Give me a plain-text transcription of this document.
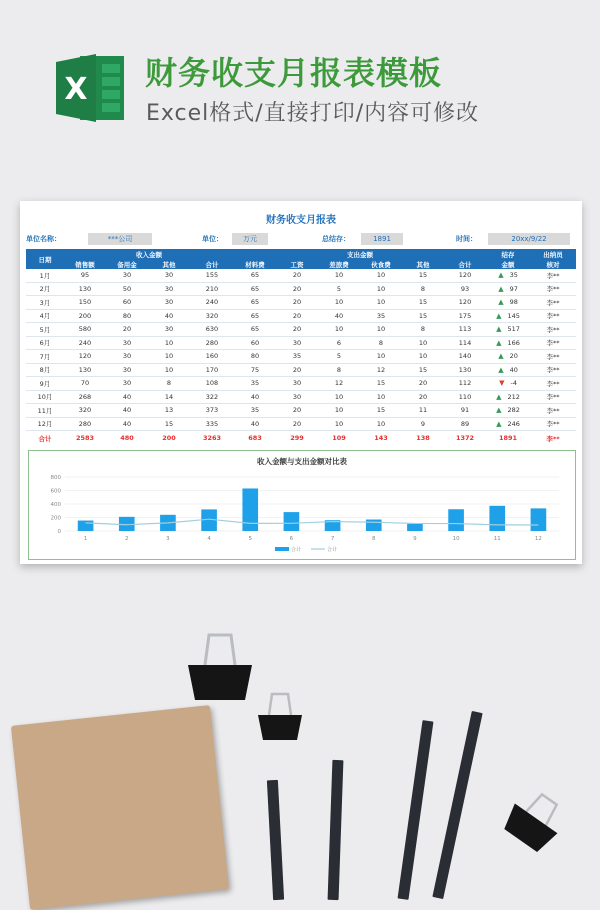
X 财务收支月报表模板
Excel格式/直接打印/内容可修改
财务收支月报表
单位名称：	***公司	单位：	万元	总结存：	1891	时间：	20xx/9/22
日期	收入金额				支出金额						结存	出纳员
	销售额	备用金	其他	合计	材料费	工资	差旅费	伙食费	其他	合计	金额	核对
1月	95	30	30	155	65	20	10	10	15	120	▲ 35	李**
2月	130	50	30	210	65	20	5	10	8	93	▲ 97	李**
3月	150	60	30	240	65	20	10	10	15	120	▲ 98	李**
4月	200	80	40	320	65	20	40	35	15	175	▲ 145	李**
5月	580	20	30	630	65	20	10	10	8	113	▲ 517	李**
6月	240	30	10	280	60	30	6	8	10	114	▲ 166	李**
7月	120	30	10	160	80	35	5	10	10	140	▲ 20	李**
8月	130	30	10	170	75	20	8	12	15	130	▲ 40	李**
9月	70	30	8	108	35	30	12	15	20	112	▼ -4	李**
10月	268	40	14	322	40	30	10	10	20	110	▲ 212	李**
11月	320	40	13	373	35	20	10	15	11	91	▲ 282	李**
12月	280	40	15	335	40	20	10	10	9	89	▲ 246	李**
合计	2583	480	200	3263	683	299	109	143	138	1372	1891	李**
收入金额与支出金额对比表
0
200
400
600
800
1	2	3	4	5	6	7	8	9	10	11	12
合计	合计
